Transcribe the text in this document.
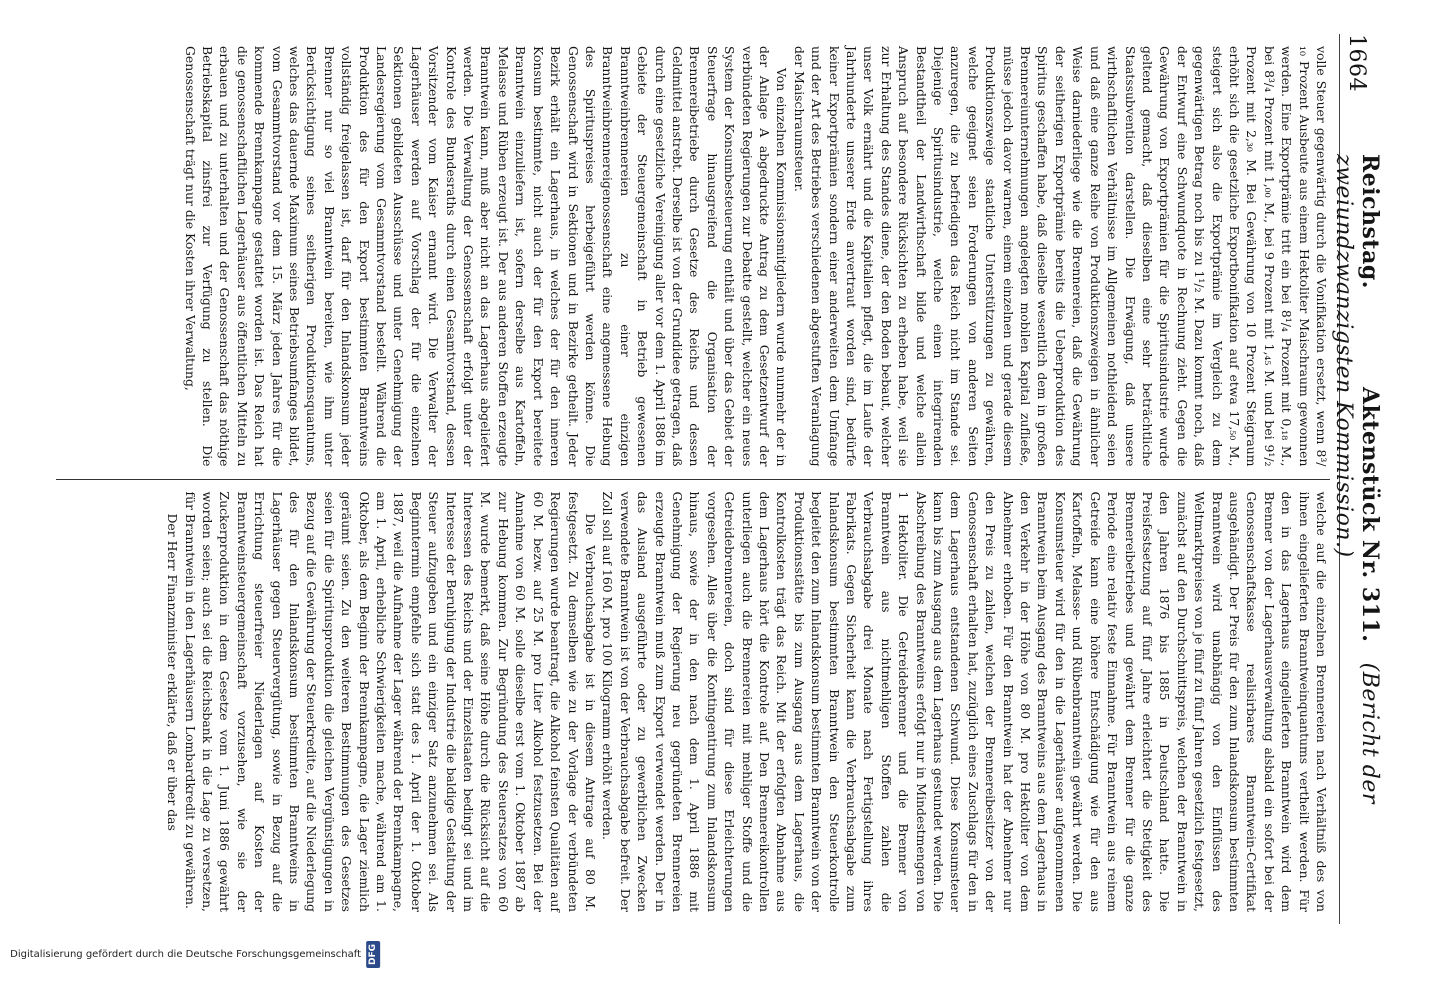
1664
Reichstag. Aktenstück Nr. 311. (Bericht der zweiundzwanzigsten Kommission.)

volle Steuer gegenwärtig durch die Vonifikation ersetzt, wenn 8³/₁₀ Prozent Ausbeute aus einem Hektoliter Maischraum gewonnen werden. Eine Exportprämie tritt ein bei 8¹/₄ Prozent mit 0,₁₈ M., bei 8³/₄ Prozent mit 1,₀₀ M., bei 9 Prozent mit 1,₄₅ M. und bei 9¹/₂ Prozent mit 2,₃₀ M. Bei Gewährung von 10 Prozent Steigraum erhöht sich die gesetzliche Exportbonifikation auf etwa 17,₅₀ M., steigert sich also die Exportprämie im Vergleich zu dem gegenwärtigen Betrag noch bis zu 1¹/₂ M. Dazu kommt noch, daß der Entwurf eine Schwundquote in Rechnung zieht. Gegen die Gewährung von Exportprämien für die Spiritusindustrie wurde geltend gemacht, daß dieselben eine sehr beträchtliche Staatssubvention darstellen. Die Erwägung, daß unsere wirthschaftlichen Verhältnisse im Allgemeinen nothleidend seien und daß eine ganze Reihe von Produktionszweigen in ähnlicher Weise darniederliege wie die Brennereien, daß die Gewährung der seitherigen Exportprämie bereits die Ueberproduktion des Spiritus geschaffen habe, daß dieselbe wesentlich dem in großen Brennereiunternehmungen angelegten mobilen Kapital zufließe, müsse jedoch davor warnen, einem einzelnen und gerade diesem Produktionszweige staatliche Unterstützungen zu gewähren, welche geeignet seien Forderungen von anderen Seiten anzuregen, die zu befriedigen das Reich nicht im Stande sei. Diejenige Spiritusindustrie, welche einen integrirenden Bestandtheil der Landwirthschaft bilde und welche allein Anspruch auf besondere Rücksichten zu erheben habe, weil sie zur Erhaltung des Standes diene, der den Boden bebaut, welcher unser Volk ernährt und die Kapitalien pflegt, die im Laufe der Jahrhunderte unserer Erde anvertraut worden sind, bedürfe keiner Exportprämien sondern einer anderweiten dem Umfange und der Art des Betriebes verschiedenen abgestuften Veranlagung der Maischraumsteuer.

Von einzelnen Kommissionsmitgliedern wurde nunmehr der in der Anlage A abgedruckte Antrag zu dem Gesetzentwurf der verbündeten Regierungen zur Debatte gestellt, welcher ein neues System der Konsumbesteuerung enthält und über das Gebiet der Steuerfrage hinausgreifend die Organisation der Brennereibetriebe durch Gesetze des Reichs und dessen Geldmittel anstrebt. Derselbe ist von der Grundidee getragen, daß durch eine gesetzliche Vereinigung aller vor dem 1. April 1886 im Gebiete der Steuergemeinschaft in Betrieb gewesenen Branntweinbrennereien zu einer einzigen Branntweinbrennereigenossenschaft eine angemessene Hebung des Spirituspreises herbeigeführt werden könne. Die Genossenschaft wird in Sektionen und in Bezirke getheilt. Jeder Bezirk erhält ein Lagerhaus, in welches der für den inneren Konsum bestimmte, nicht auch der für den Export bereitete Branntwein einzuliefern ist, sofern derselbe aus Kartoffeln, Melasse und Rüben erzeugt ist. Der aus anderen Stoffen erzeugte Branntwein kann, muß aber nicht an das Lagerhaus abgeliefert werden. Die Verwaltung der Genossenschaft erfolgt unter der Kontrole des Bundesraths durch einen Gesamtvorstand, dessen Vorsitzender vom Kaiser ernannt wird. Die Verwalter der Lagerhäuser werden auf Vorschlag der für die einzelnen Sektionen gebildeten Ausschüsse und unter Genehmigung der Landesregierung vom Gesammtvorstand bestellt. Während die Produktion des für den Export bestimmten Branntweins vollständig freigelassen ist, darf für den Inlandskonsum jeder Brenner nur so viel Branntwein bereiten, wie ihm unter Berücksichtigung seines seitherigen Produktionsquantums, welches das dauernde Maximum seines Betriebsumfanges bildet, vom Gesammtvorstand vor dem 15. März jeden Jahres für die kommende Brennkampagne gestattet worden ist. Das Reich hat die genossenschaftlichen Lagerhäuser aus öffentlichen Mitteln zu erbauen und zu unterhalten und der Genossenschaft das nöthige Betriebskapital zinsfrei zur Verfügung zu stellen. Die Genossenschaft trägt nur die Kosten ihrer Verwaltung,

welche auf die einzelnen Brennereien nach Verhältniß des von ihnen eingelieferten Branntweinquantums vertheilt werden. Für den in das Lagerhaus eingelieferten Branntwein wird dem Brenner von der Lagerhausverwaltung alsbald ein sofort bei der Genossenschaftskasse realisirbares Branntwein-Certifikat ausgehändigt. Der Preis für den zum Inlandskonsum bestimmten Branntwein wird unabhängig von den Einflüssen des Weltmarktpreises von je fünf zu fünf Jahren gesetzlich festgesetzt, zunächst auf den Durchschnittspreis, welchen der Branntwein in den Jahren 1876 bis 1885 in Deutschland hatte. Die Preisfestsetzung auf fünf Jahre erleichtert die Stetigkeit des Brennereibetriebes und gewährt dem Brenner für die ganze Periode eine relativ feste Einnahme. Für Branntwein aus reinem Getreide kann eine höhere Entschädigung wie für den aus Kartoffeln, Melasse- und Rübenbranntwein gewährt werden. Die Konsumsteuer wird für den in die Lagerhäuser aufgenommenen Branntwein beim Ausgang des Branntweins aus dem Lagerhaus in den Verkehr in der Höhe von 80 M. pro Hektoliter von dem Abnehmer erhoben. Für den Branntwein hat der Abnehmer nur den Preis zu zahlen, welchen der Brennereibesitzer von der Genossenschaft erhalten hat, zuzüglich eines Zuschlags für den in dem Lagerhaus entstandenen Schwund. Diese Konsumsteuer kann bis zum Ausgang aus dem Lagerhaus gestundet werden. Die Abschreibung des Branntweins erfolgt nur in Mindestmengen von 1 Hektoliter. Die Getreidebrenner und die Brenner von Branntwein aus nichtmehligen Stoffen zahlen die Verbrauchsabgabe drei Monate nach Fertigstellung ihres Fabrikats. Gegen Sicherheit kann die Verbrauchsabgabe zum Inlandskonsum bestimmten Branntwein den Steuerkontrolle begleitet den zum Inlandskonsum bestimmten Branntwein von der Produktionsstätte bis zum Ausgang aus dem Lagerhaus, die Kontrolkosten trägt das Reich. Mit der erfolgten Abnahme aus dem Lagerhaus hört die Kontrole auf. Den Brennereikontrollen unterliegen auch die Brennereien mit mehliger Stoffe und die Getreidebrennereien, doch sind für diese Erleichterungen vorgesehen. Alles über die Kontingentirung zum Inlandskonsum hinaus, sowie der in den nach dem 1. April 1886 mit Genehmigung der Regierung neu gegründeten Brennereien erzeugte Branntwein muß zum Export verwendet werden. Der in das Ausland ausgeführte oder zu gewerblichen Zwecken verwendete Branntwein ist von der Verbrauchsabgabe befreit. Der Zoll soll auf 160 M. pro 100 Kilogramm erhöht werden.

Die Verbrauchsabgabe ist in diesem Antrage auf 80 M. festgesetzt. Zu demselben wie zu der Vorlage der verbündeten Regierungen wurde beantragt, die Alkohol feinsten Qualitäten auf 60 M. bezw. auf 25 M. pro Liter Alkohol festzusetzen. Bei der Annahme von 60 M. solle dieselbe erst vom 1. Oktober 1887 ab zur Hebung kommen. Zur Begründung des Steuersatzes von 60 M. wurde bemerkt, daß seine Höhe durch die Rücksicht auf die Interessen des Reichs und der Einzelstaaten bedingt sei und im Interesse der Beruhigung der Industrie die baldige Gestaltung der Steuer aufzugeben und ein einziger Satz anzunehmen sei. Als Beginntermin empfehle sich statt des 1. April der 1. Oktober 1887, weil die Aufnahme der Lager während der Brennkampagne, am 1. April, erhebliche Schwierigkeiten mache, während am 1. Oktober, als dem Beginn der Brennkampagne, die Lager ziemlich geräumt seien. Zu den weiteren Bestimmungen des Gesetzes seien für die Spiritusproduktion die gleichen Vergünstigungen in Bezug auf die Gewährung der Steuerkredite, auf die Niederlegung des für den Inlandskonsum bestimmten Branntweins in Lagerhäuser gegen Steuervergütung, sowie in Bezug auf die Errichtung steuerfreier Niederlagen auf Kosten der Branntweinsteuergemeinschaft vorzusehen, wie sie der Zuckerproduktion in dem Gesetze vom 1. Juni 1886 gewährt worden seien; auch sei die Reichsbank in die Lage zu versetzen, für Branntwein in den Lagerhäusern Lombardkredit zu gewähren.

Der Herr Finanzminister erklärte, daß er über das

Digitalisierung gefördert durch die Deutsche Forschungsgemeinschaft DFG
